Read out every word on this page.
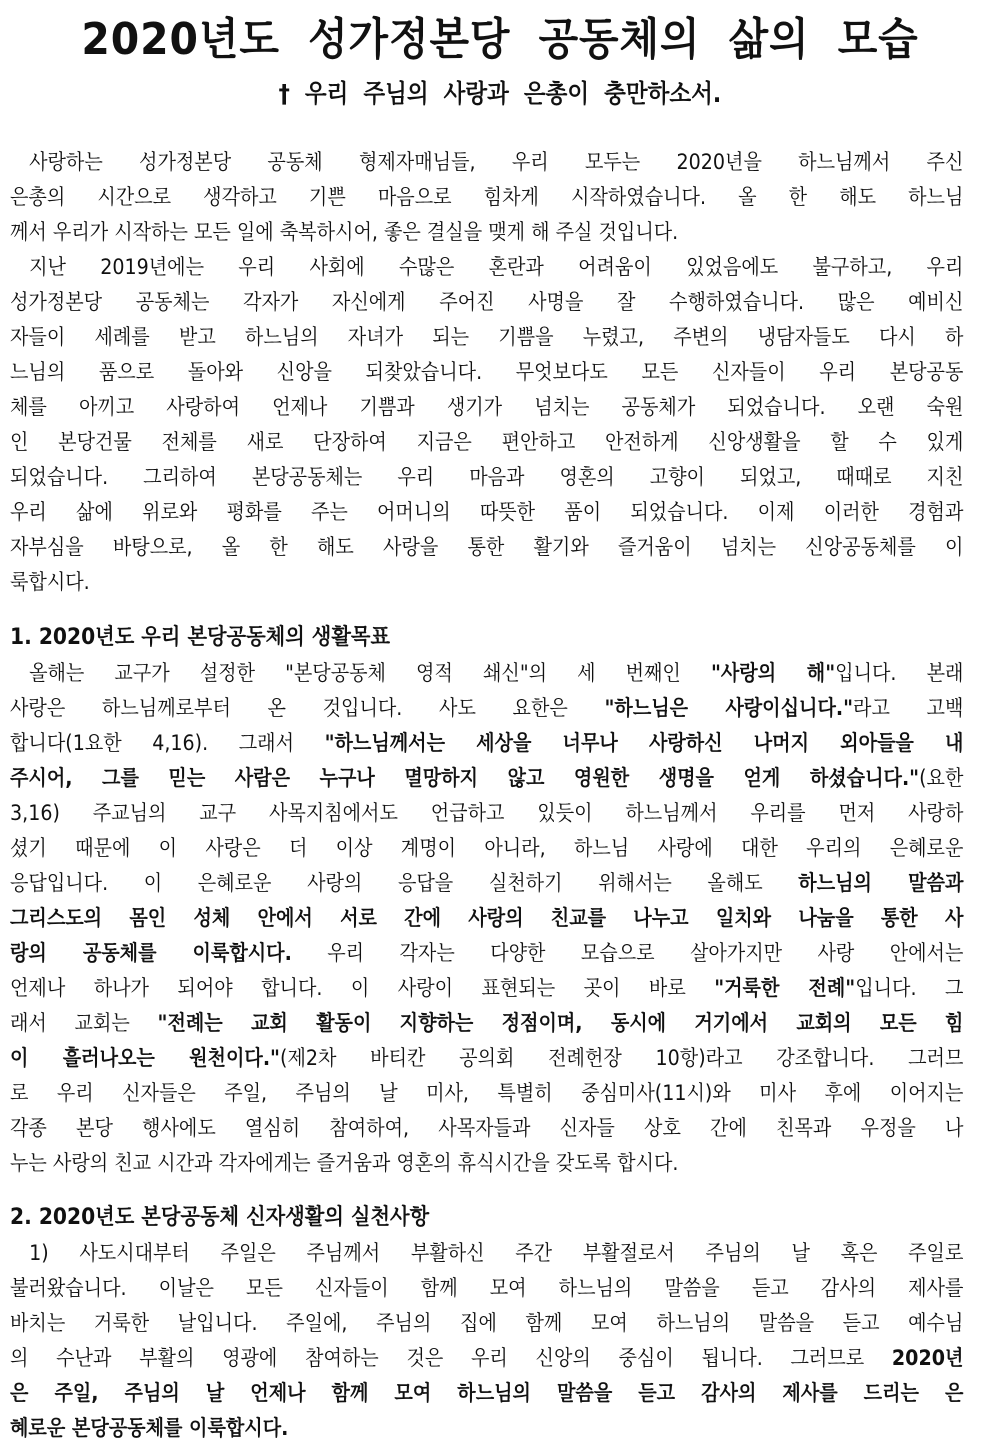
2020년도 성가정본당 공동체의 삶의 모습
† 우리 주님의 사랑과 은총이 충만하소서.
사랑하는 성가정본당 공동체 형제자매님들, 우리 모두는 2020년을 하느님께서 주신
은총의 시간으로 생각하고 기쁜 마음으로 힘차게 시작하였습니다. 올 한 해도 하느님
께서 우리가 시작하는 모든 일에 축복하시어, 좋은 결실을 맺게 해 주실 것입니다.
지난 2019년에는 우리 사회에 수많은 혼란과 어려움이 있었음에도 불구하고, 우리
성가정본당 공동체는 각자가 자신에게 주어진 사명을 잘 수행하였습니다. 많은 예비신
자들이 세례를 받고 하느님의 자녀가 되는 기쁨을 누렸고, 주변의 냉담자들도 다시 하
느님의 품으로 돌아와 신앙을 되찾았습니다. 무엇보다도 모든 신자들이 우리 본당공동
체를 아끼고 사랑하여 언제나 기쁨과 생기가 넘치는 공동체가 되었습니다. 오랜 숙원
인 본당건물 전체를 새로 단장하여 지금은 편안하고 안전하게 신앙생활을 할 수 있게
되었습니다. 그리하여 본당공동체는 우리 마음과 영혼의 고향이 되었고, 때때로 지친
우리 삶에 위로와 평화를 주는 어머니의 따뜻한 품이 되었습니다. 이제 이러한 경험과
자부심을 바탕으로, 올 한 해도 사랑을 통한 활기와 즐거움이 넘치는 신앙공동체를 이
룩합시다.
1. 2020년도 우리 본당공동체의 생활목표
올해는 교구가 설정한 "본당공동체 영적 쇄신"의 세 번째인 "사랑의 해"입니다. 본래
사랑은 하느님께로부터 온 것입니다. 사도 요한은 "하느님은 사랑이십니다."라고 고백
합니다(1요한 4,16). 그래서 "하느님께서는 세상을 너무나 사랑하신 나머지 외아들을 내
주시어, 그를 믿는 사람은 누구나 멸망하지 않고 영원한 생명을 얻게 하셨습니다."(요한
3,16) 주교님의 교구 사목지침에서도 언급하고 있듯이 하느님께서 우리를 먼저 사랑하
셨기 때문에 이 사랑은 더 이상 계명이 아니라, 하느님 사랑에 대한 우리의 은혜로운
응답입니다. 이 은혜로운 사랑의 응답을 실천하기 위해서는 올해도 하느님의 말씀과
그리스도의 몸인 성체 안에서 서로 간에 사랑의 친교를 나누고 일치와 나눔을 통한 사
랑의 공동체를 이룩합시다. 우리 각자는 다양한 모습으로 살아가지만 사랑 안에서는
언제나 하나가 되어야 합니다. 이 사랑이 표현되는 곳이 바로 "거룩한 전례"입니다. 그
래서 교회는 "전례는 교회 활동이 지향하는 정점이며, 동시에 거기에서 교회의 모든 힘
이 흘러나오는 원천이다."(제2차 바티칸 공의회 전례헌장 10항)라고 강조합니다. 그러므
로 우리 신자들은 주일, 주님의 날 미사, 특별히 중심미사(11시)와 미사 후에 이어지는
각종 본당 행사에도 열심히 참여하여, 사목자들과 신자들 상호 간에 친목과 우정을 나
누는 사랑의 친교 시간과 각자에게는 즐거움과 영혼의 휴식시간을 갖도록 합시다.
2. 2020년도 본당공동체 신자생활의 실천사항
1) 사도시대부터 주일은 주님께서 부활하신 주간 부활절로서 주님의 날 혹은 주일로
불러왔습니다. 이날은 모든 신자들이 함께 모여 하느님의 말씀을 듣고 감사의 제사를
바치는 거룩한 날입니다. 주일에, 주님의 집에 함께 모여 하느님의 말씀을 듣고 예수님
의 수난과 부활의 영광에 참여하는 것은 우리 신앙의 중심이 됩니다. 그러므로 2020년
은 주일, 주님의 날 언제나 함께 모여 하느님의 말씀을 듣고 감사의 제사를 드리는 은
혜로운 본당공동체를 이룩합시다.
